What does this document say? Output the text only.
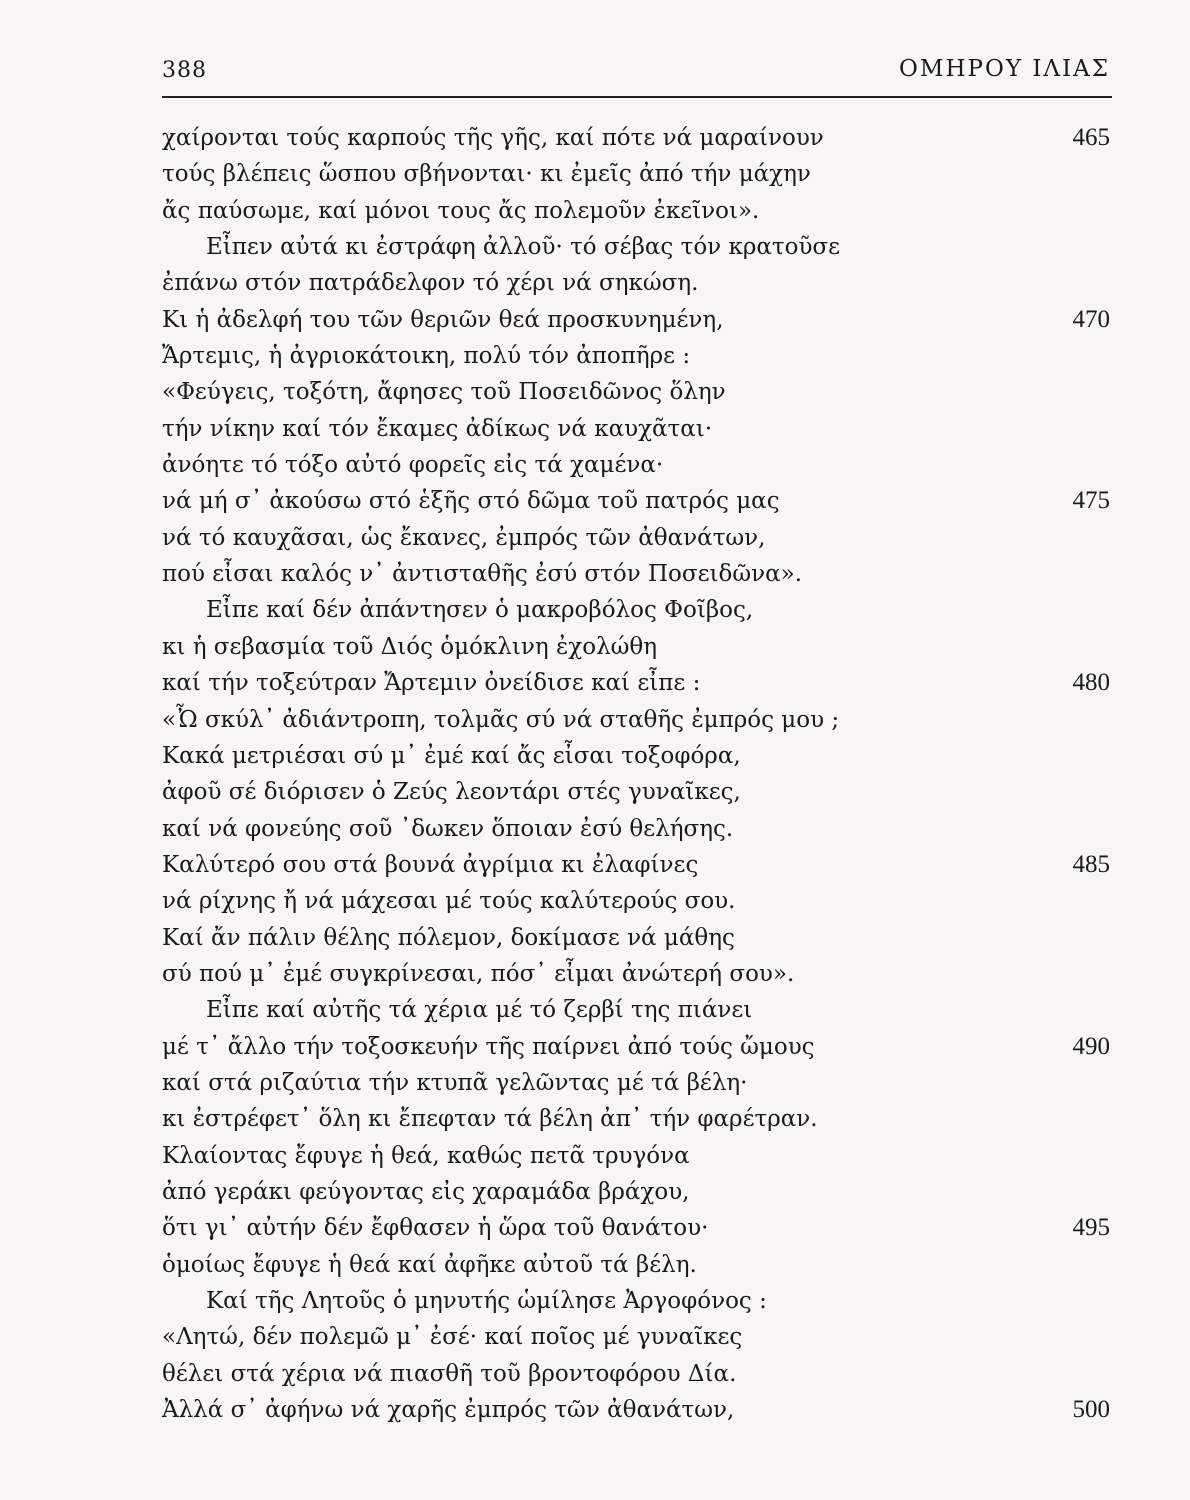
388	ΟΜΗΡΟΥ ΙΛΙΑΣ
χαίρονται τούς καρπούς τῆς γῆς, καί πότε νά μαραίνουν	465
τούς βλέπεις ὥσπου σβήνονται· κι ἐμεῖς ἀπό τήν μάχην
ἄς παύσωμε, καί μόνοι τους ἄς πολεμοῦν ἐκεῖνοι».
Εἶπεν αὐτά κι ἐστράφη ἀλλοῦ· τό σέβας τόν κρατοῦσε
ἐπάνω στόν πατράδελφον τό χέρι νά σηκώση.
Κι ἡ ἀδελφή του τῶν θεριῶν θεά προσκυνημένη,	470
Ἄρτεμις, ἡ ἀγριοκάτοικη, πολύ τόν ἀποπῆρε :
«Φεύγεις, τοξότη, ἄφησες τοῦ Ποσειδῶνος ὅλην
τήν νίκην καί τόν ἔκαμες ἀδίκως νά καυχᾶται·
ἀνόητε τό τόξο αὐτό φορεῖς εἰς τά χαμένα·
νά μή σ᾿ ἀκούσω στό ἑξῆς στό δῶμα τοῦ πατρός μας	475
νά τό καυχᾶσαι, ὡς ἔκανες, ἐμπρός τῶν ἀθανάτων,
πού εἶσαι καλός ν᾿ ἀντισταθῆς ἐσύ στόν Ποσειδῶνα».
Εἶπε καί δέν ἀπάντησεν ὁ μακροβόλος Φοῖβος,
κι ἡ σεβασμία τοῦ Διός ὁμόκλινη ἐχολώθη
καί τήν τοξεύτραν Ἄρτεμιν ὀνείδισε καί εἶπε :	480
«Ὦ σκύλ᾿ ἀδιάντροπη, τολμᾶς σύ νά σταθῆς ἐμπρός μου ;
Κακά μετριέσαι σύ μ᾿ ἐμέ καί ἄς εἶσαι τοξοφόρα,
ἀφοῦ σέ διόρισεν ὁ Ζεύς λεοντάρι στές γυναῖκες,
καί νά φονεύης σοῦ ᾿δωκεν ὅποιαν ἐσύ θελήσης.
Καλύτερό σου στά βουνά ἀγρίμια κι ἐλαφίνες	485
νά ρίχνης ἤ νά μάχεσαι μέ τούς καλύτερούς σου.
Καί ἄν πάλιν θέλης πόλεμον, δοκίμασε νά μάθης
σύ πού μ᾿ ἐμέ συγκρίνεσαι, πόσ᾿ εἶμαι ἀνώτερή σου».
Εἶπε καί αὐτῆς τά χέρια μέ τό ζερβί της πιάνει
μέ τ᾿ ἄλλο τήν τοξοσκευήν τῆς παίρνει ἀπό τούς ὤμους	490
καί στά ριζαύτια τήν κτυπᾶ γελῶντας μέ τά βέλη·
κι ἐστρέφετ᾿ ὅλη κι ἔπεφταν τά βέλη ἀπ᾿ τήν φαρέτραν.
Κλαίοντας ἔφυγε ἡ θεά, καθώς πετᾶ τρυγόνα
ἀπό γεράκι φεύγοντας εἰς χαραμάδα βράχου,
ὅτι γι᾿ αὐτήν δέν ἔφθασεν ἡ ὥρα τοῦ θανάτου·	495
ὁμοίως ἔφυγε ἡ θεά καί ἀφῆκε αὐτοῦ τά βέλη.
Καί τῆς Λητοῦς ὁ μηνυτής ὡμίλησε Ἀργοφόνος :
«Λητώ, δέν πολεμῶ μ᾿ ἐσέ· καί ποῖος μέ γυναῖκες
θέλει στά χέρια νά πιασθῆ τοῦ βροντοφόρου Δία.
Ἀλλά σ᾿ ἀφήνω νά χαρῆς ἐμπρός τῶν ἀθανάτων,	500
